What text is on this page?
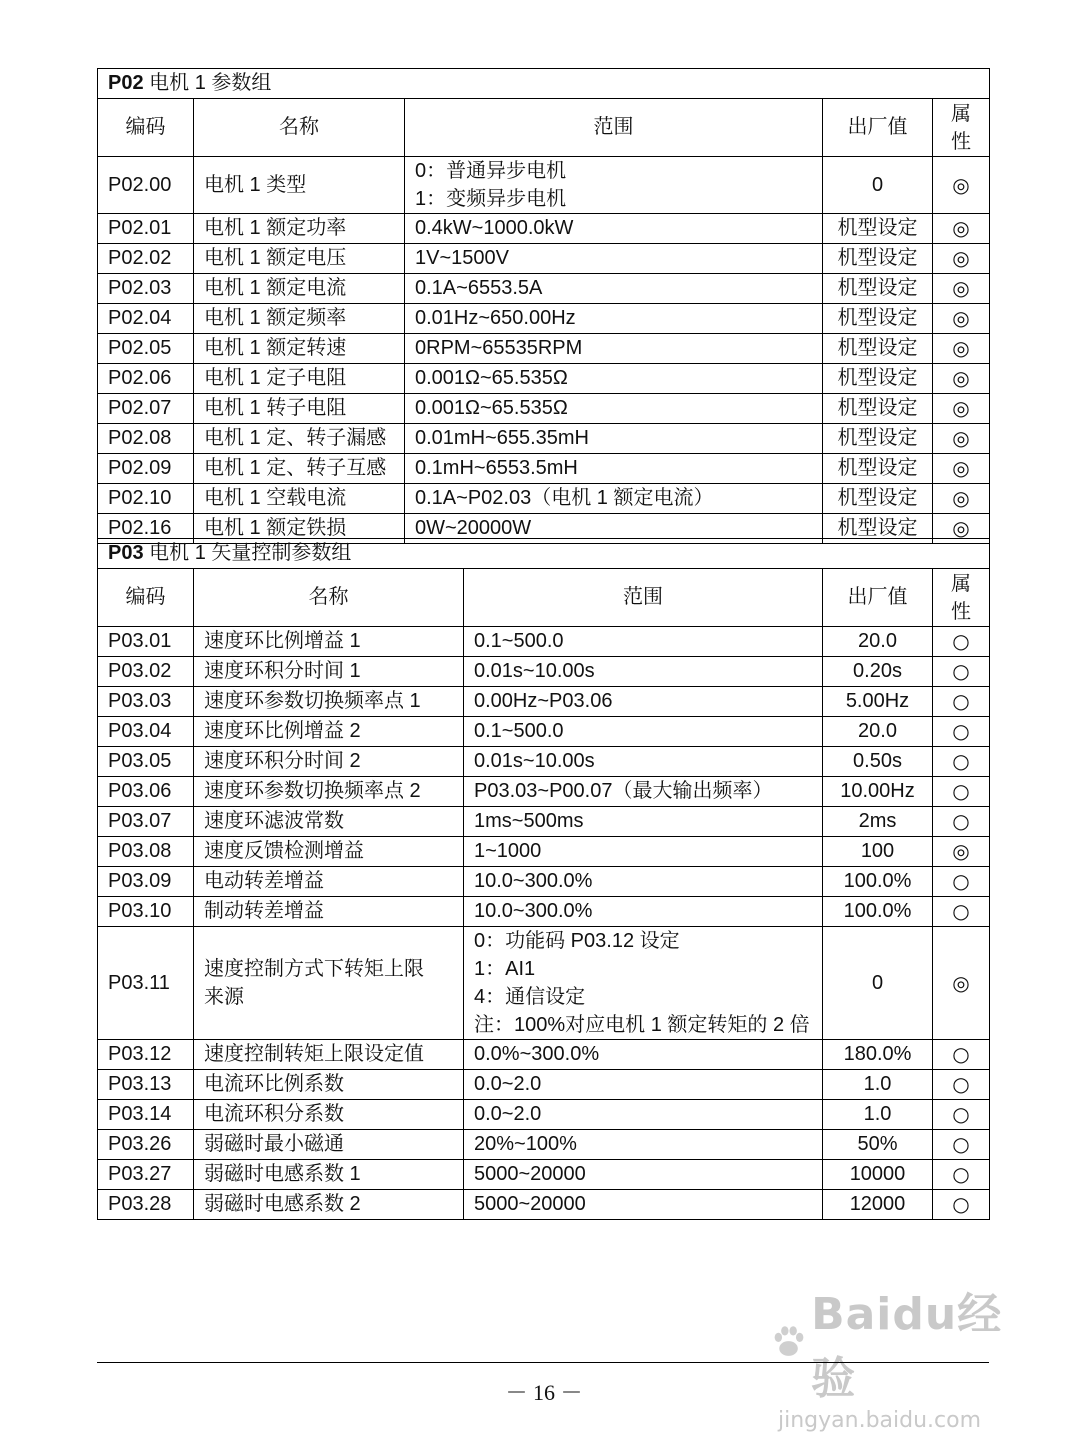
P02 电机 1 参数组				
编码	名称	范围	出厂值	属
性

P02.00	电机 1 类型	0：普通异步电机
1：变频异步电机	0	◎
P02.01	电机 1 额定功率	0.4kW~1000.0kW	机型设定	◎
P02.02	电机 1 额定电压	1V~1500V	机型设定	◎
P02.03	电机 1 额定电流	0.1A~6553.5A	机型设定	◎
P02.04	电机 1 额定频率	0.01Hz~650.00Hz	机型设定	◎
P02.05	电机 1 额定转速	0RPM~65535RPM	机型设定	◎
P02.06	电机 1 定子电阻	0.001Ω~65.535Ω	机型设定	◎
P02.07	电机 1 转子电阻	0.001Ω~65.535Ω	机型设定	◎
P02.08	电机 1 定、转子漏感	0.01mH~655.35mH	机型设定	◎
P02.09	电机 1 定、转子互感	0.1mH~6553.5mH	机型设定	◎
P02.10	电机 1 空载电流	0.1A~P02.03（电机 1 额定电流）	机型设定	◎
P02.16	电机 1 额定铁损	0W~20000W	机型设定	◎
P03 电机 1 矢量控制参数组				
编码	名称	范围	出厂值	属
性

P03.01	速度环比例增益 1	0.1~500.0	20.0	○
P03.02	速度环积分时间 1	0.01s~10.00s	0.20s	○
P03.03	速度环参数切换频率点 1	0.00Hz~P03.06	5.00Hz	○
P03.04	速度环比例增益 2	0.1~500.0	20.0	○
P03.05	速度环积分时间 2	0.01s~10.00s	0.50s	○
P03.06	速度环参数切换频率点 2	P03.03~P00.07（最大输出频率）	10.00Hz	○
P03.07	速度环滤波常数	1ms~500ms	2ms	○
P03.08	速度反馈检测增益	1~1000	100	◎
P03.09	电动转差增益	10.0~300.0%	100.0%	○
P03.10	制动转差增益	10.0~300.0%	100.0%	○
P03.11	速度控制方式下转矩上限
来源	0：功能码 P03.12 设定
1：AI1
4：通信设定
注：100%对应电机 1 额定转矩的 2 倍	0	◎
P03.12	速度控制转矩上限设定值	0.0%~300.0%	180.0%	○
P03.13	电流环比例系数	0.0~2.0	1.0	○
P03.14	电流环积分系数	0.0~2.0	1.0	○
P03.26	弱磁时最小磁通	20%~100%	50%	○
P03.27	弱磁时电感系数 1	5000~20000	10000	○
P03.28	弱磁时电感系数 2	5000~20000	12000	○
Baidu经验
jingyan.baidu.com
－ 16 －
